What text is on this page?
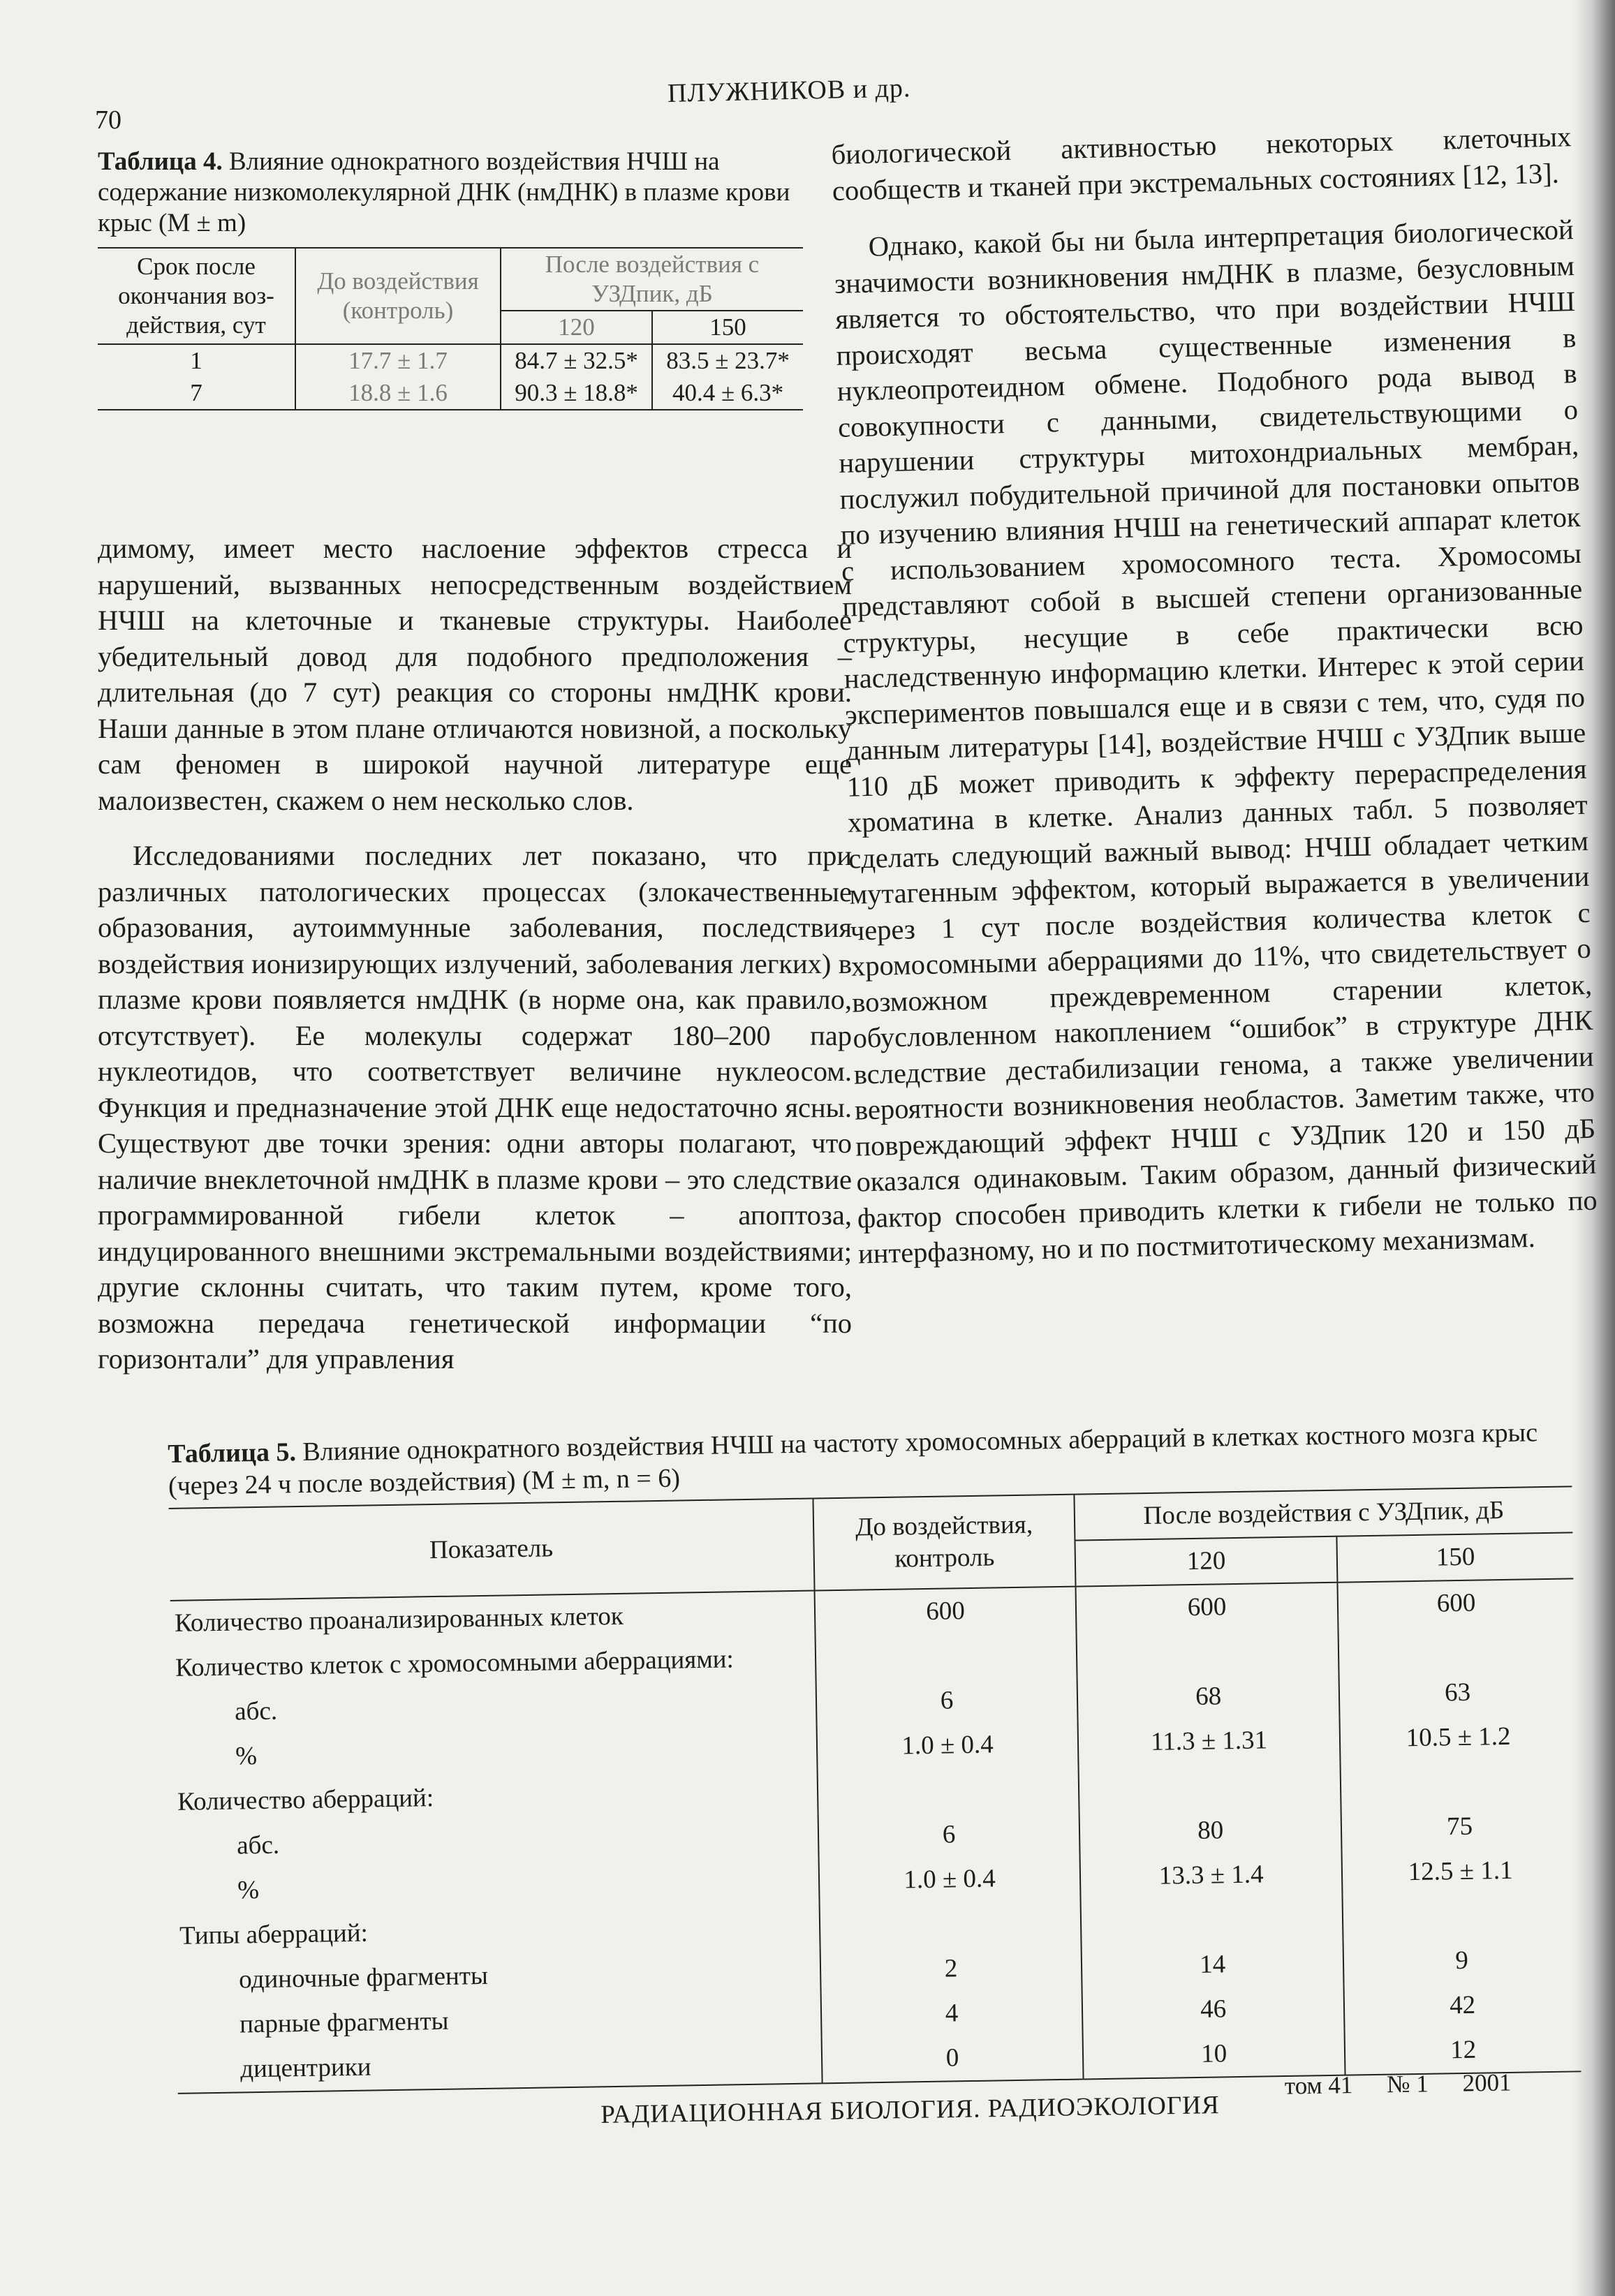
70
ПЛУЖНИКОВ и др.
Таблица 4. Влияние однократного воздействия НЧШ на содержание низкомолекулярной ДНК (нмДНК) в плазме крови крыс (M ± m)
Срок после окончания воз-действия, сут	До воздействия (контроль)	После воздействия с УЗДпик, дБ	
		120	150
1	17.7 ± 1.7	84.7 ± 32.5*	83.5 ± 23.7*
7	18.8 ± 1.6	90.3 ± 18.8*	40.4 ± 6.3*

димому, имеет место наслоение эффектов стресса и нарушений, вызванных непосредственным воздействием НЧШ на клеточные и тканевые структуры. Наиболее убедительный довод для подобного предположения – длительная (до 7 сут) реакция со стороны нмДНК крови. Наши данные в этом плане отличаются новизной, а поскольку сам феномен в широкой научной литературе еще малоизвестен, скажем о нем несколько слов.

Исследованиями последних лет показано, что при различных патологических процессах (злокачественные образования, аутоиммунные заболевания, последствия воздействия ионизирующих излучений, заболевания легких) в плазме крови появляется нмДНК (в норме она, как правило, отсутствует). Ее молекулы содержат 180–200 пар нуклеотидов, что соответствует величине нуклеосом. Функция и предназначение этой ДНК еще недостаточно ясны. Существуют две точки зрения: одни авторы полагают, что наличие внеклеточной нмДНК в плазме крови – это следствие программированной гибели клеток – апоптоза, индуцированного внешними экстремальными воздействиями; другие склонны считать, что таким путем, кроме того, возможна передача генетической информации “по горизонтали” для управления

биологической активностью некоторых клеточных сообществ и тканей при экстремальных состояниях [12, 13].

Однако, какой бы ни была интерпретация биологической значимости возникновения нмДНК в плазме, безусловным является то обстоятельство, что при воздействии НЧШ происходят весьма существенные изменения в нуклеопротеидном обмене. Подобного рода вывод в совокупности с данными, свидетельствующими о нарушении структуры митохондриальных мембран, послужил побудительной причиной для постановки опытов по изучению влияния НЧШ на генетический аппарат клеток с использованием хромосомного теста. Хромосомы представляют собой в высшей степени организованные структуры, несущие в себе практически всю наследственную информацию клетки. Интерес к этой серии экспериментов повышался еще и в связи с тем, что, судя по данным литературы [14], воздействие НЧШ с УЗДпик выше 110 дБ может приводить к эффекту перераспределения хроматина в клетке. Анализ данных табл. 5 позволяет сделать следующий важный вывод: НЧШ обладает четким мутагенным эффектом, который выражается в увеличении через 1 сут после воздействия количества клеток с хромосомными аберрациями до 11%, что свидетельствует о возможном преждевременном старении клеток, обусловленном накоплением “ошибок” в структуре ДНК вследствие дестабилизации генома, а также увеличении вероятности возникновения необластов. Заметим также, что повреждающий эффект НЧШ с УЗДпик 120 и 150 дБ оказался одинаковым. Таким образом, данный физический фактор способен приводить клетки к гибели не только по интерфазному, но и по постмитотическому механизмам.

Таблица 5. Влияние однократного воздействия НЧШ на частоту хромосомных аберраций в клетках костного мозга крыс (через 24 ч после воздействия) (M ± m, n = 6)
Показатель	До воздействия, контроль	После воздействия с УЗДпик, дБ	
		120	150
Количество проанализированных клеток	600	600	600
Количество клеток с хромосомными аберрациями:			
абс.	6	68	63
%	1.0 ± 0.4	11.3 ± 1.31	10.5 ± 1.2
Количество аберраций:			
абс.	6	80	75
%	1.0 ± 0.4	13.3 ± 1.4	12.5 ± 1.1
Типы аберраций:			
одиночные фрагменты	2	14	9
парные фрагменты	4	46	42
дицентрики	0	10	12
РАДИАЦИОННАЯ БИОЛОГИЯ. РАДИОЭКОЛОГИЯ
том 41 № 1 2001
